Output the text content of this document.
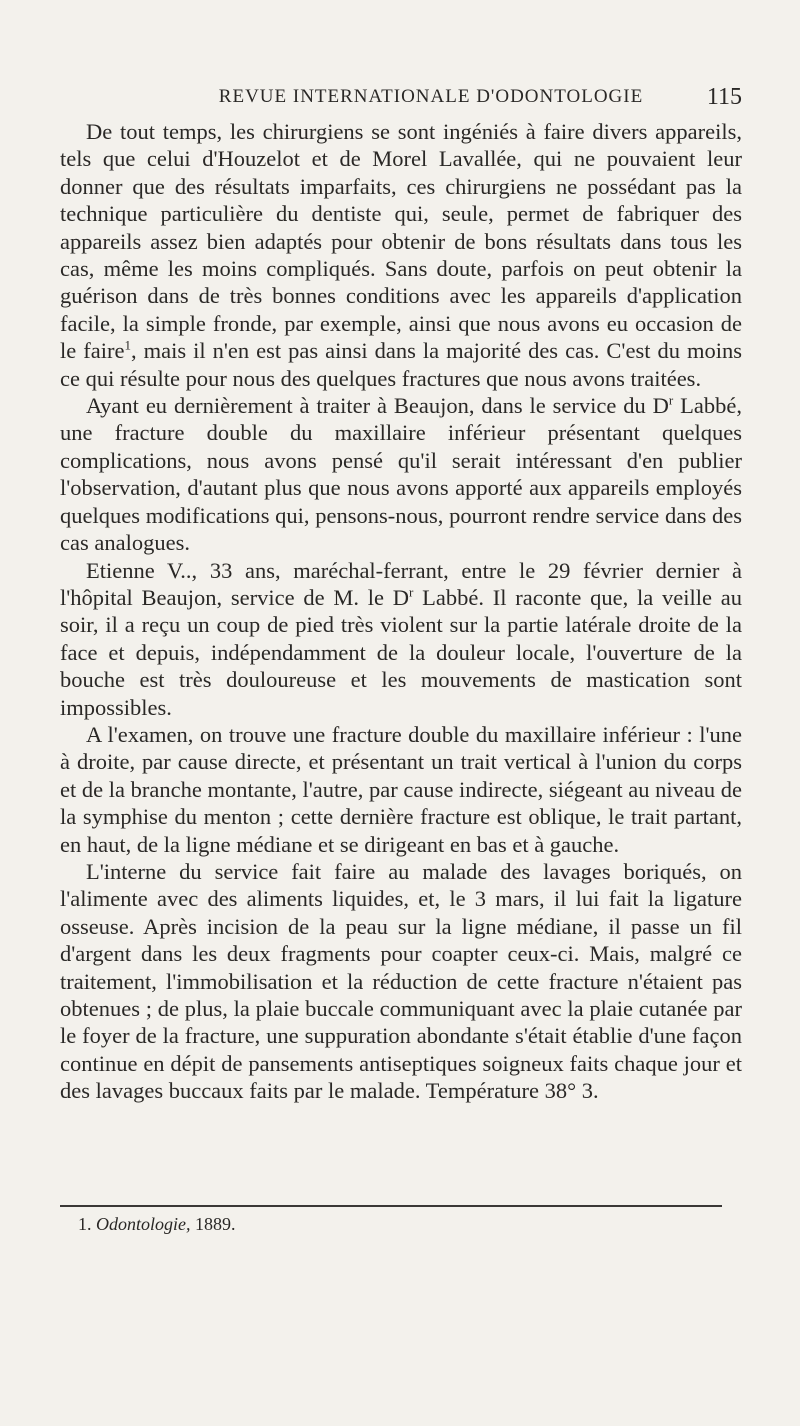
REVUE INTERNATIONALE D'ODONTOLOGIE	115

De tout temps, les chirurgiens se sont ingéniés à faire divers appareils, tels que celui d'Houzelot et de Morel Lavallée, qui ne pouvaient leur donner que des résultats imparfaits, ces chirurgiens ne possédant pas la technique particulière du dentiste qui, seule, permet de fabriquer des appareils assez bien adaptés pour obtenir de bons résultats dans tous les cas, même les moins compliqués. Sans doute, parfois on peut obtenir la guérison dans de très bonnes conditions avec les appareils d'application facile, la simple fronde, par exemple, ainsi que nous avons eu occasion de le faire$^1$, mais il n'en est pas ainsi dans la majorité des cas. C'est du moins ce qui résulte pour nous des quelques fractures que nous avons traitées.

Ayant eu dernièrement à traiter à Beaujon, dans le service du $D^r$ Labbé, une fracture double du maxillaire inférieur présentant quelques complications, nous avons pensé qu'il serait intéressant d'en publier l'observation, d'autant plus que nous avons apporté aux appareils employés quelques modifications qui, pensons-nous, pourront rendre service dans des cas analogues.

Etienne V.., 33 ans, maréchal-ferrant, entre le 29 février dernier à l'hôpital Beaujon, service de M. le $D^r$ Labbé. Il raconte que, la veille au soir, il a reçu un coup de pied très violent sur la partie latérale droite de la face et depuis, indépendamment de la douleur locale, l'ouverture de la bouche est très douloureuse et les mouvements de mastication sont impossibles.

A l'examen, on trouve une fracture double du maxillaire inférieur : l'une à droite, par cause directe, et présentant un trait vertical à l'union du corps et de la branche montante, l'autre, par cause indirecte, siégeant au niveau de la symphise du menton ; cette dernière fracture est oblique, le trait partant, en haut, de la ligne médiane et se dirigeant en bas et à gauche.

L'interne du service fait faire au malade des lavages boriqués, on l'alimente avec des aliments liquides, et, le 3 mars, il lui fait la ligature osseuse. Après incision de la peau sur la ligne médiane, il passe un fil d'argent dans les deux fragments pour coapter ceux-ci. Mais, malgré ce traitement, l'immobilisation et la réduction de cette fracture n'étaient pas obtenues ; de plus, la plaie buccale communiquant avec la plaie cutanée par le foyer de la fracture, une suppuration abondante s'était établie d'une façon continue en dépit de pansements antiseptiques soigneux faits chaque jour et des lavages buccaux faits par le malade. Température 38° 3.

1. Odontologie, 1889.
